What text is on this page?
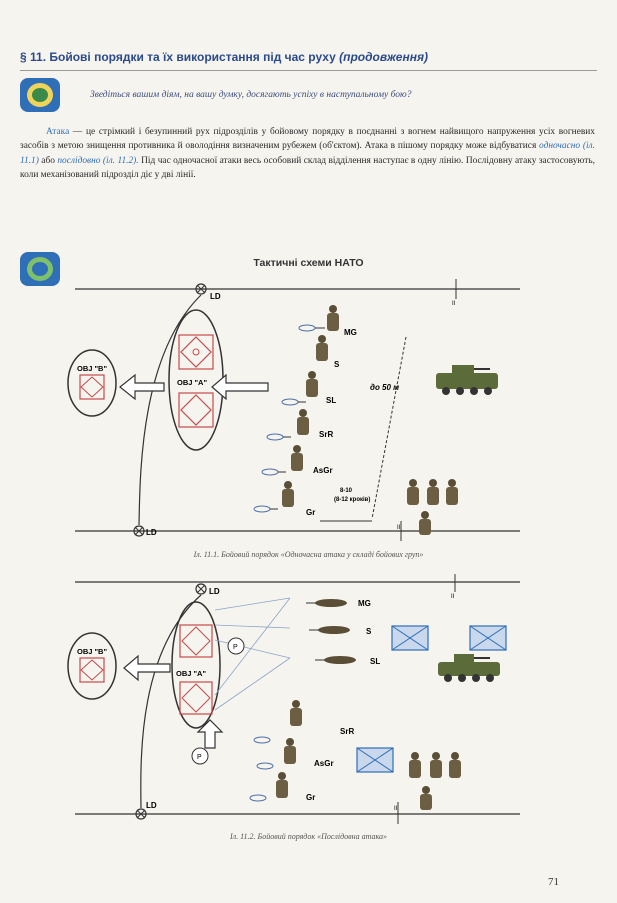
§ 11. Бойові порядки та їх використання під час руху (продовження)
Зведіться вашим діям, на вашу думку, досягають успіху в наступальному бою?
Атака — це стрімкий і безупинний рух підрозділів у бойовому порядку в поєднанні з вогнем найвищого напруження усіх вогневих засобів з метою знищення противника й оволодіння визначеним рубежем (об'єктом). Атака в пішому порядку може відбуватися одночасно (іл. 11.1) або послідовно (іл. 11.2). Під час одночасної атаки весь особовий склад відділення наступає в одну лінію. Послідовну атаку застосовують, коли механізований підрозділ діє у дві лінії.
Тактичні схеми НАТО
LD
LD
OBJ "A"
OBJ "B"
MG
S
SL
SrR
AsGr
Gr
до 50 м
8-10
(8-12 кроків)
II
II
Іл. 11.1. Бойовий порядок «Одночасна атака у складі бойових груп»
LD
LD
OBJ "A"
OBJ "B"	P
P
MG
S
SL
SrR
AsGr
Gr
II
II
Іл. 11.2. Бойовий порядок «Послідовна атака»
71
